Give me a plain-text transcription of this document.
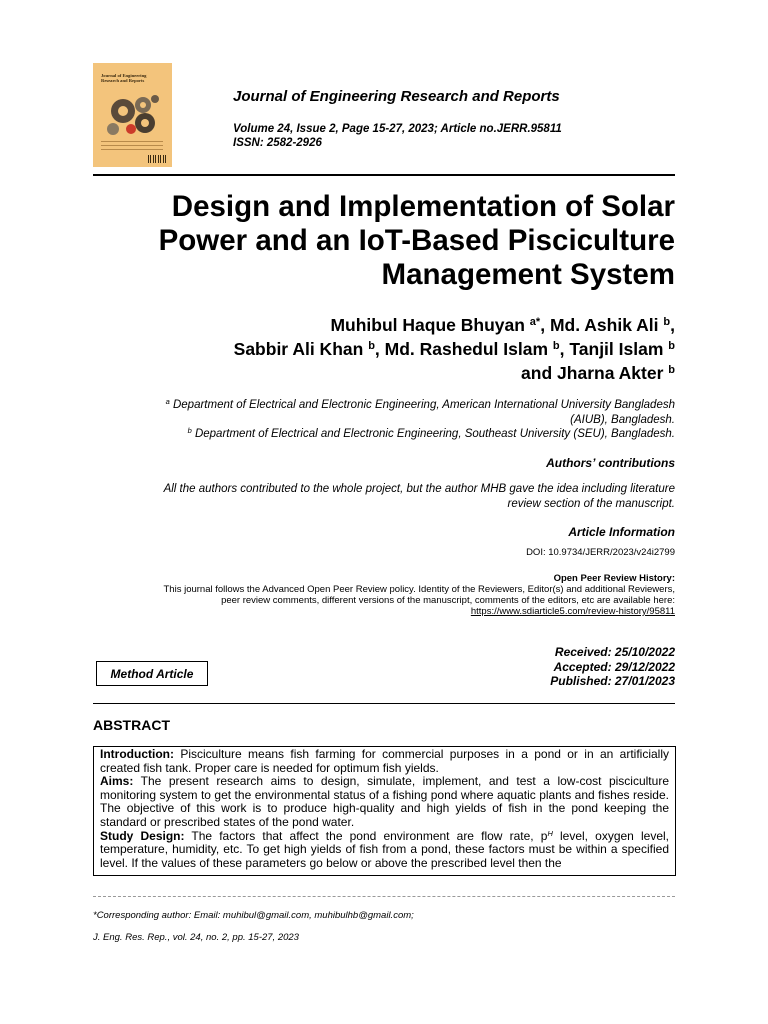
Journal of Engineering Research and Reports
Journal of Engineering Research and Reports
Volume 24, Issue 2, Page 15-27, 2023; Article no.JERR.95811
ISSN: 2582-2926
Design and Implementation of Solar
Power and an IoT-Based Pisciculture
Management System
Muhibul Haque Bhuyan $^{a*}$, Md. Ashik Ali $^b$,
Sabbir Ali Khan $^b$, Md. Rashedul Islam $^b$, Tanjil Islam $^b$
and Jharna Akter $^b$
$^a$ Department of Electrical and Electronic Engineering, American International University Bangladesh
(AIUB), Bangladesh.
$^b$ Department of Electrical and Electronic Engineering, Southeast University (SEU), Bangladesh.
Authors’ contributions
All the authors contributed to the whole project, but the author MHB gave the idea including literature
review section of the manuscript.
Article Information
DOI: 10.9734/JERR/2023/v24i2799
Open Peer Review History:
This journal follows the Advanced Open Peer Review policy. Identity of the Reviewers, Editor(s) and additional Reviewers,
peer review comments, different versions of the manuscript, comments of the editors, etc are available here:
https://www.sdiarticle5.com/review-history/95811
Method Article
Received: 25/10/2022
Accepted: 29/12/2022
Published: 27/01/2023
ABSTRACT

Introduction: Pisciculture means fish farming for commercial purposes in a pond or in an artificially created fish tank. Proper care is needed for optimum fish yields.

Aims: The present research aims to design, simulate, implement, and test a low-cost pisciculture monitoring system to get the environmental status of a fishing pond where aquatic plants and fishes reside. The objective of this work is to produce high-quality and high yields of fish in the pond keeping the standard or prescribed states of the pond water.

Study Design: The factors that affect the pond environment are flow rate, $p^H$ level, oxygen level, temperature, humidity, etc. To get high yields of fish from a pond, these factors must be within a specified level. If the values of these parameters go below or above the prescribed level then the

*Corresponding author: Email: muhibul@gmail.com, muhibulhb@gmail.com;
J. Eng. Res. Rep., vol. 24, no. 2, pp. 15-27, 2023
